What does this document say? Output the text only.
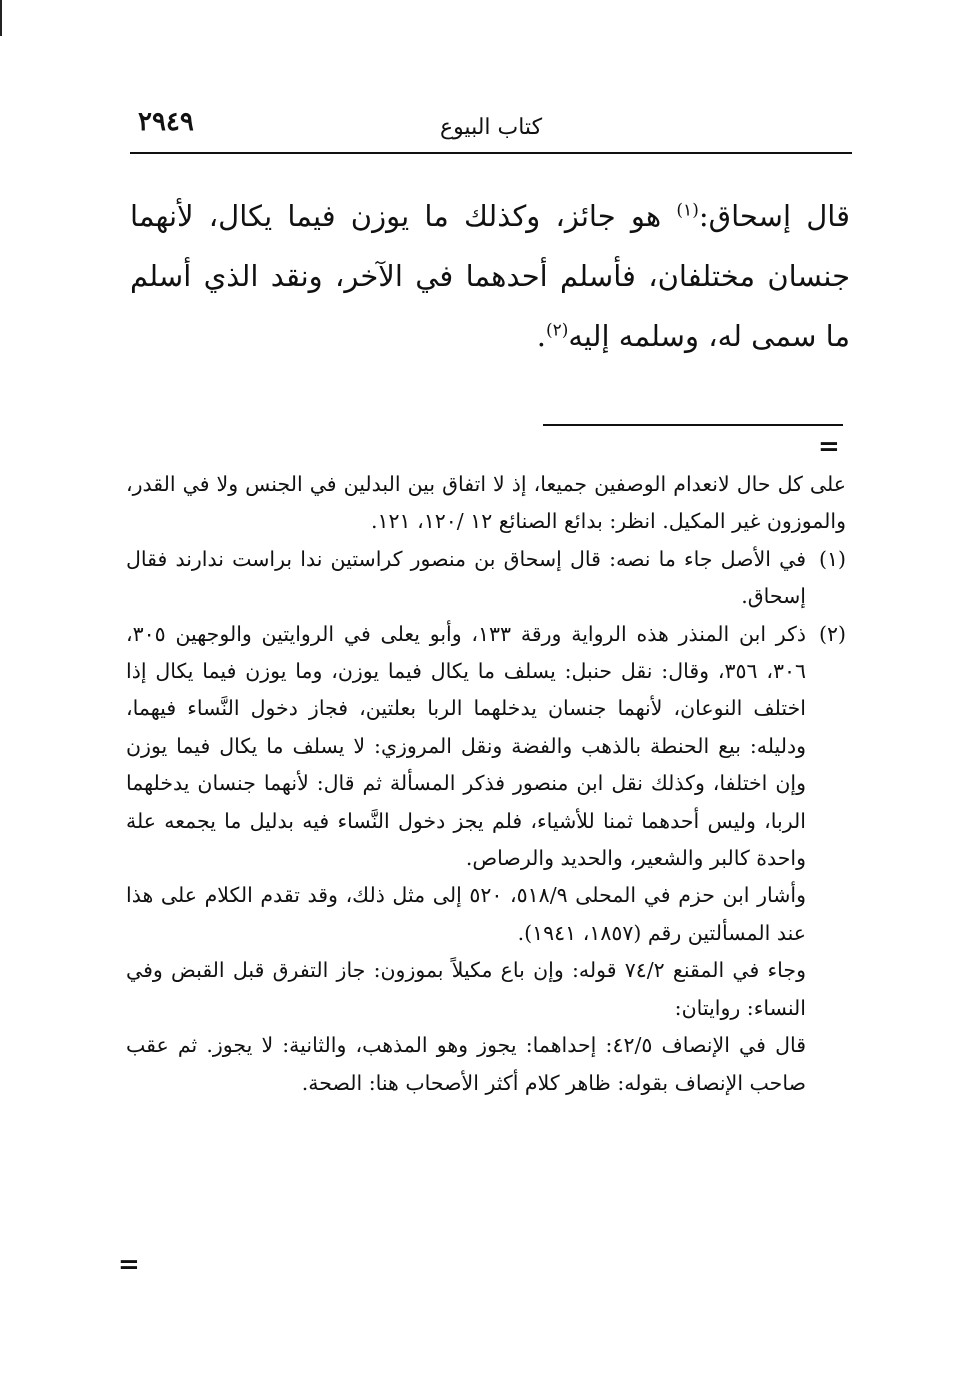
٢٩٤٩	كتاب البيوع

قال إسحاق:$^{(١)}$ هو جائز، وكذلك ما يوزن فيما يكال، لأنهما جنسان مختلفان، فأسلم أحدهما في الآخر، ونقد الذي أسلم ما سمى له، وسلمه إليه$^{(٢)}$.

=

على كل حال لانعدام الوصفين جميعا، إذ لا اتفاق بين البدلين في الجنس ولا في القدر، والموزون غير المكيل. انظر: بدائع الصنائع ١٢ /١٢٠، ١٢١.

(١)في الأصل جاء ما نصه: قال إسحاق بن منصور كراستين ندا براست ندارند فقال إسحاق.

(٢)ذكر ابن المنذر هذه الرواية ورقة ١٣٣، وأبو يعلى في الروايتين والوجهين ٣٠٥، ٣٠٦، ٣٥٦، وقال: نقل حنبل: يسلف ما يكال فيما يوزن، وما يوزن فيما يكال إذا اختلف النوعان، لأنهما جنسان يدخلهما الربا بعلتين، فجاز دخول النَّساء فيهما، ودليله: بيع الحنطة بالذهب والفضة ونقل المروزي: لا يسلف ما يكال فيما يوزن وإن اختلفا، وكذلك نقل ابن منصور فذكر المسألة ثم قال: لأنهما جنسان يدخلهما الربا، وليس أحدهما ثمنا للأشياء، فلم يجز دخول النَّساء فيه بدليل ما يجمعه علة واحدة كالبر والشعير، والحديد والرصاص.

وأشار ابن حزم في المحلى ٥١٨/٩، ٥٢٠ إلى مثل ذلك، وقد تقدم الكلام على هذا عند المسألتين رقم (١٨٥٧، ١٩٤١).

وجاء في المقنع ٧٤/٢ قوله: وإن باع مكيلاً بموزون: جاز التفرق قبل القبض وفي النساء: روايتان:

قال في الإنصاف ٤٢/٥: إحداهما: يجوز وهو المذهب، والثانية: لا يجوز. ثم عقب صاحب الإنصاف بقوله: ظاهر كلام أكثر الأصحاب هنا: الصحة.

=
